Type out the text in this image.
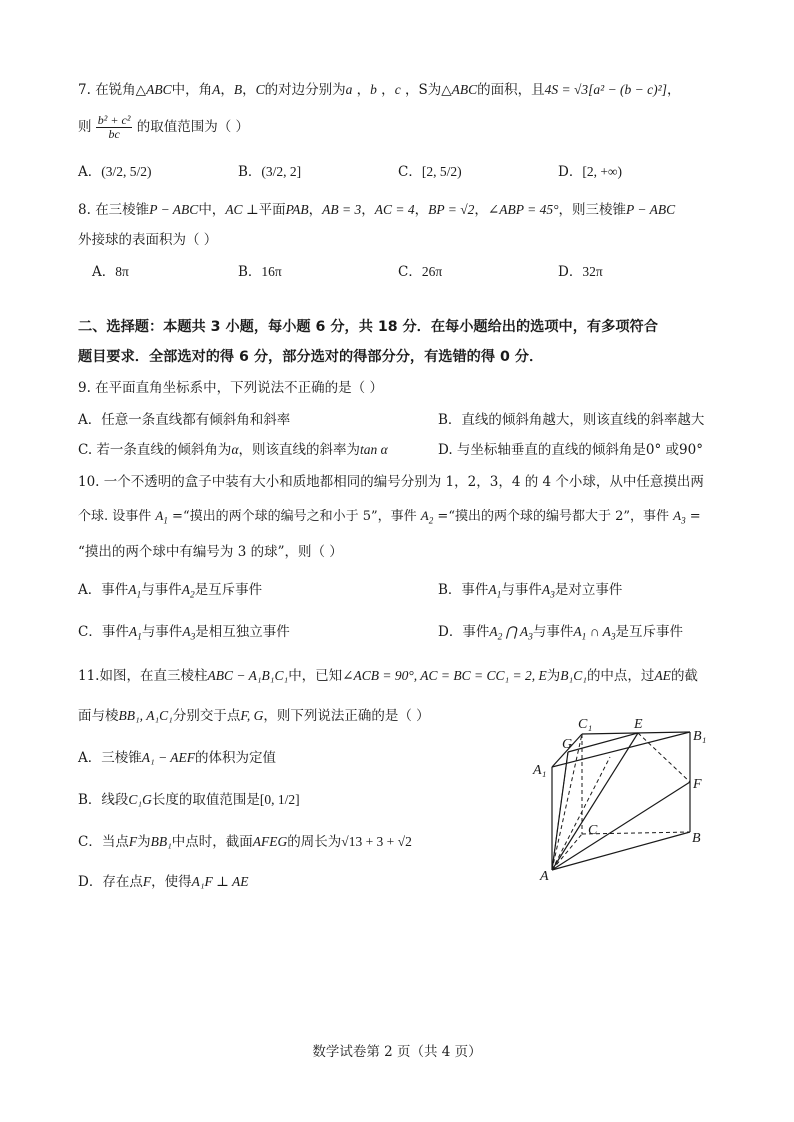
7. 在锐角△ABC中，角A，B，C的对边分别为a ，b ，c ，S为△ABC的面积，且4S = √3[a² − (b − c)²]，
则 $\frac{\text{b² + c²}}{bc}$ 的取值范围为（ ）
A．(3/2, 5/2)	B．(3/2, 2]	C．[2, 5/2)	D．[2, +∞)
8. 在三棱锥P − ABC中，AC ⊥平面PAB，AB = 3，AC = 4，BP = √2，∠ABP = 45°，则三棱锥P − ABC
外接球的表面积为（ ）
A．8π	B．16π	C．26π	D．32π
二、选择题：本题共 3 小题，每小题 6 分，共 18 分．在每小题给出的选项中，有多项符合
题目要求．全部选对的得 6 分，部分选对的得部分分，有选错的得 0 分．
9. 在平面直角坐标系中，下列说法不正确的是（ ）
A．任意一条直线都有倾斜角和斜率	B．直线的倾斜角越大，则该直线的斜率越大
C. 若一条直线的倾斜角为α，则该直线的斜率为tan α	D. 与坐标轴垂直的直线的倾斜角是0° 或90°
10. 一个不透明的盒子中装有大小和质地都相同的编号分别为 1，2，3，4 的 4 个小球，从中任意摸出两
个球. 设事件 $A_1$ =“摸出的两个球的编号之和小于 5”，事件 $A_2$ =“摸出的两个球的编号都大于 2”，事件 $A_3$ =
“摸出的两个球中有编号为 3 的球”，则（ ）
A．事件$A_1$与事件$A_2$是互斥事件	B．事件$A_1$与事件$A_3$是对立事件
C．事件$A_1$与事件$A_3$是相互独立事件	D．事件$A_2$ ⋂ $A_3$与事件$A_1$ ∩ $A_3$是互斥事件
11.如图，在直三棱柱ABC − A₁B₁C₁中，已知∠ACB = 90°, AC = BC = CC₁ = 2, E为B₁C₁的中点，过AE的截
面与棱BB₁, A₁C₁分别交于点F, G，则下列说法正确的是（ ）
A．三棱锥A₁ − AEF的体积为定值
B．线段C₁G长度的取值范围是[0, 1/2]
C．当点F为BB₁中点时，截面AFEG的周长为√13 + 3 + √2
D．存在点F，使得A₁F ⊥ AE
C₁	E
B₁
G
A₁
F
C
B
A
数学试卷第 2 页（共 4 页）
